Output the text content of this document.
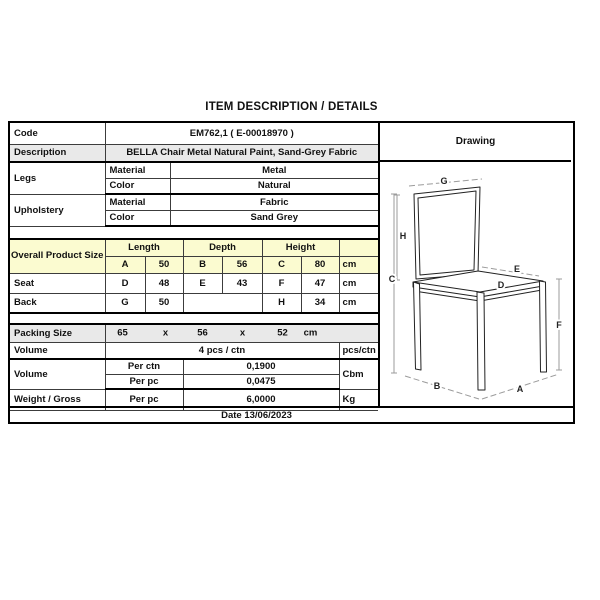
ITEM DESCRIPTION / DETAILS
Code	EM762,1 ( E-00018970 )	
Description	BELLA Chair Metal Natural Paint, Sand-Grey Fabric	
Legs	Material	Metal
	Color	Natural
Upholstery	Material	Fabric
	Color	Sand Grey
Overall Product Size	Length		Depth		Height		
	A	50	B	56	C	80	cm
Seat	D	48	E	43	F	47	cm
Back	G	50			H	34	cm
Packing Size	65	x	56	x	52 cm

Volume	4 pcs / ctn		pcs/ctn
Volume	Per ctn	0,1900	Cbm
	Per pc	0,0475	
Weight / Gross	Per pc	6,0000	Kg
Drawing
G
H
C
E
D
F
A
B
Date 13/06/2023
